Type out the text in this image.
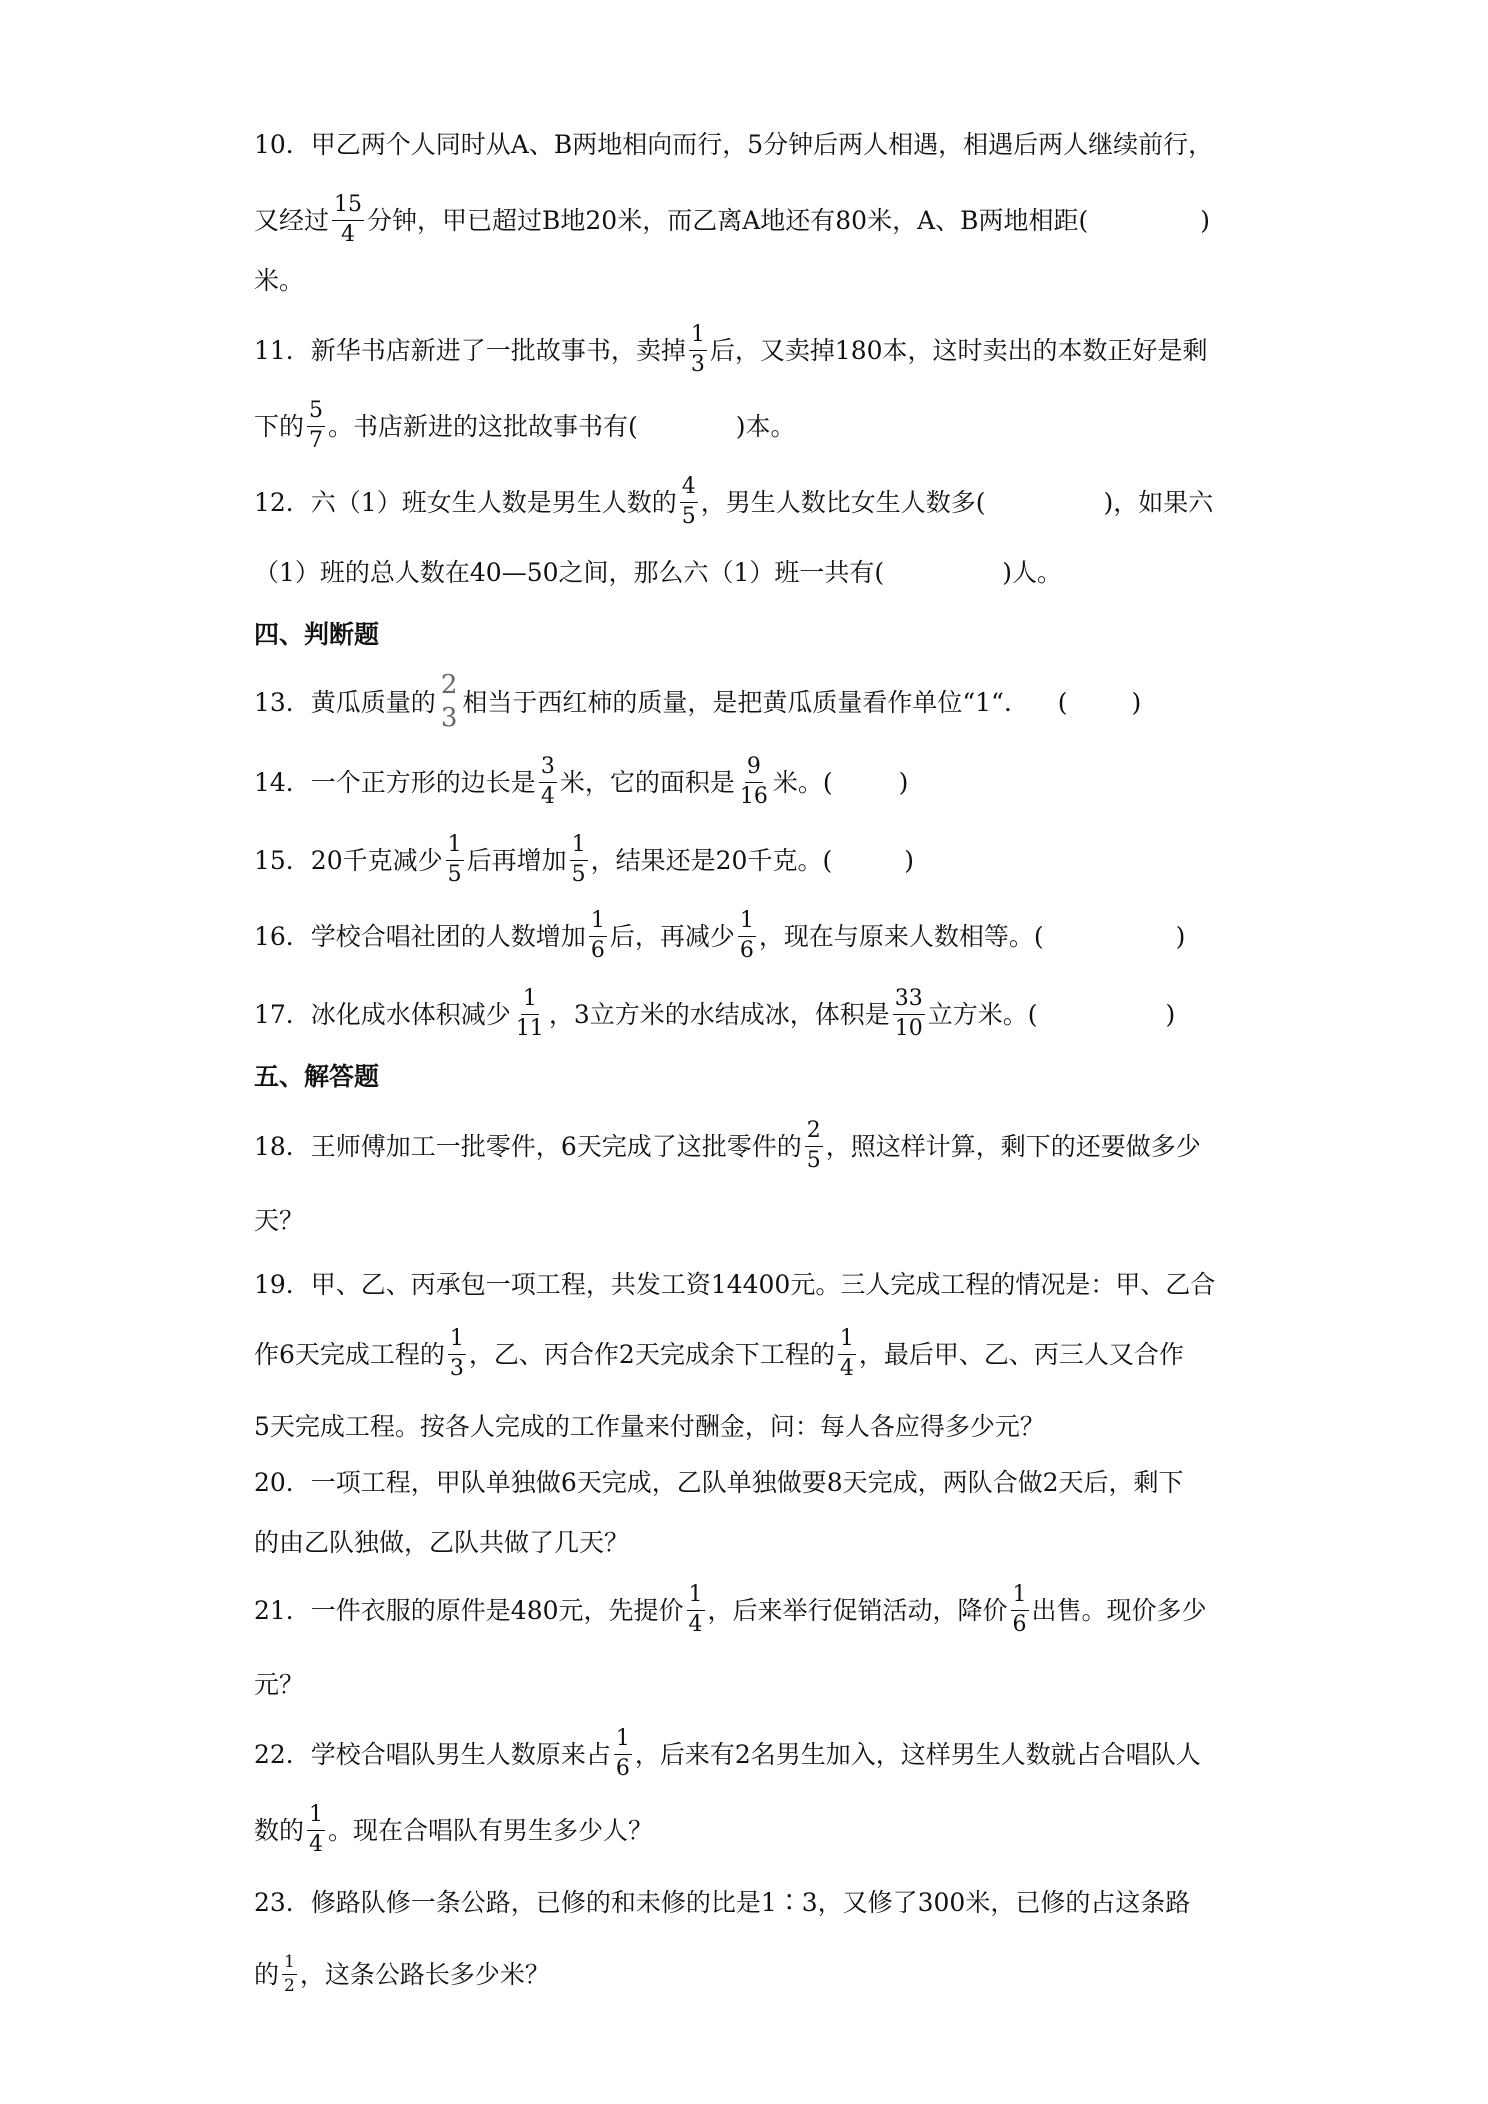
10．甲乙两个人同时从A、B两地相向而行，5分钟后两人相遇，相遇后两人继续前行，
又经过 $\frac{15}{4}$ 分钟，甲已超过B地20米，而乙离A地还有80米，A、B两地相距(	)
米。
11．新华书店新进了一批故事书，卖掉 $\frac{1}{3}$ 后，又卖掉180本，这时卖出的本数正好是剩
下的 $\frac{5}{7}$ 。书店新进的这批故事书有(	)本。
12．六（1）班女生人数是男生人数的 $\frac{4}{5}$ ，男生人数比女生人数多(	)，如果六
（1）班的总人数在40—50之间，那么六（1）班一共有(	)人。
四、判断题
13．黄瓜质量的
2
3
相当于西红柿的质量，是把黄瓜质量看作单位“1“. (	)
14．一个正方形的边长是 $\frac{3}{4}$ 米，它的面积是 $\frac{9}{16}$ 米。(	)
15．20千克减少 $\frac{1}{5}$ 后再增加 $\frac{1}{5}$ ，结果还是20千克。(	)
16．学校合唱社团的人数增加 $\frac{1}{6}$ 后，再减少 $\frac{1}{6}$ ，现在与原来人数相等。(	)
17．冰化成水体积减少 $\frac{1}{11}$ ，3立方米的水结成冰，体积是 $\frac{33}{10}$ 立方米。(	)
五、解答题
18．王师傅加工一批零件，6天完成了这批零件的 $\frac{2}{5}$ ，照这样计算，剩下的还要做多少
天？
19．甲、乙、丙承包一项工程，共发工资14400元。三人完成工程的情况是：甲、乙合
作6天完成工程的 $\frac{1}{3}$ ，乙、丙合作2天完成余下工程的 $\frac{1}{4}$ ，最后甲、乙、丙三人又合作
5天完成工程。按各人完成的工作量来付酬金，问：每人各应得多少元？
20．一项工程，甲队单独做6天完成，乙队单独做要8天完成，两队合做2天后，剩下
的由乙队独做，乙队共做了几天？
21．一件衣服的原件是480元，先提价 $\frac{1}{4}$ ，后来举行促销活动，降价 $\frac{1}{6}$ 出售。现价多少
元？
22．学校合唱队男生人数原来占 $\frac{1}{6}$ ，后来有2名男生加入，这样男生人数就占合唱队人
数的 $\frac{1}{4}$ 。现在合唱队有男生多少人？
23．修路队修一条公路，已修的和未修的比是1∶3，又修了300米，已修的占这条路
的 $\frac{1}{2}$ ，这条公路长多少米？
